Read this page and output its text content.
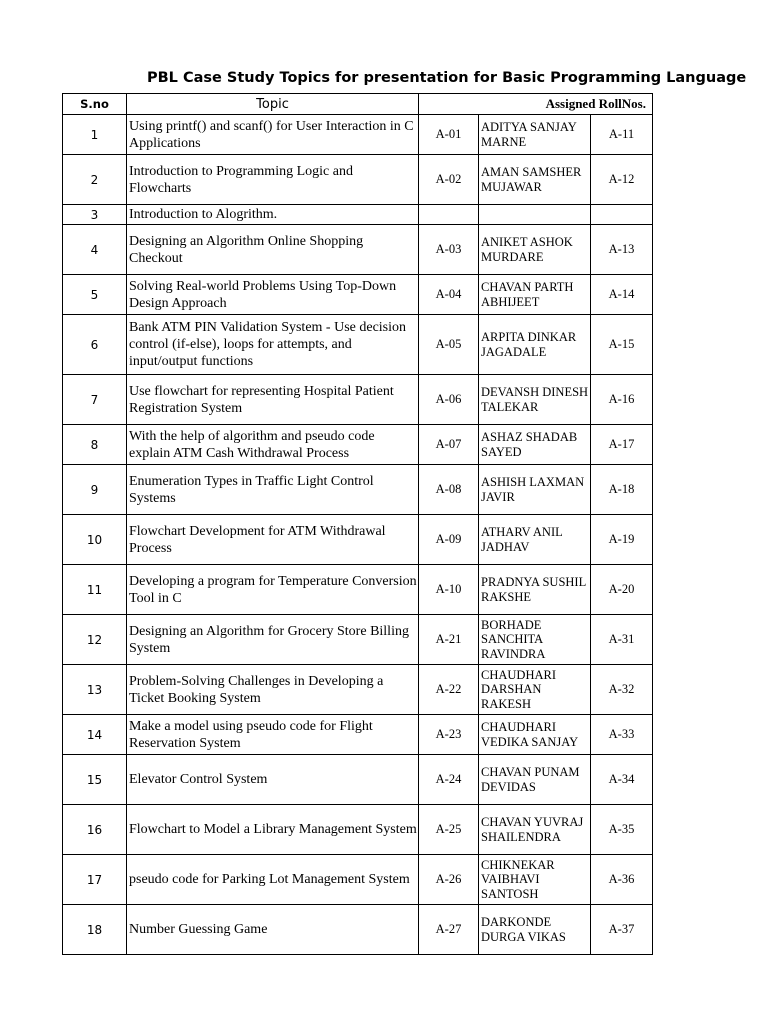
PBL Case Study Topics for presentation for Basic Programming Language
S.no	Topic	Assigned RollNos.		
1	Using printf() and scanf() for User Interaction in C Applications	A-01	ADITYA SANJAY MARNE	A-11
2	Introduction to Programming Logic and Flowcharts	A-02	AMAN SAMSHER MUJAWAR	A-12
3	Introduction to Alogrithm.			
4	Designing an Algorithm Online Shopping Checkout	A-03	ANIKET ASHOK MURDARE	A-13
5	Solving Real-world Problems Using Top-Down Design Approach	A-04	CHAVAN PARTH ABHIJEET	A-14
6	Bank ATM PIN Validation System - Use decision control (if-else), loops for attempts, and input/output functions	A-05	ARPITA DINKAR JAGADALE	A-15
7	Use flowchart for representing Hospital Patient Registration System	A-06	DEVANSH DINESH TALEKAR	A-16
8	With the help of algorithm and pseudo code explain ATM Cash Withdrawal Process	A-07	ASHAZ SHADAB SAYED	A-17
9	Enumeration Types in Traffic Light Control Systems	A-08	ASHISH LAXMAN JAVIR	A-18
10	Flowchart Development for ATM Withdrawal Process	A-09	ATHARV ANIL JADHAV	A-19
11	Developing a program for Temperature Conversion Tool in C	A-10	PRADNYA SUSHIL RAKSHE	A-20
12	Designing an Algorithm for Grocery Store Billing System	A-21	BORHADE SANCHITA RAVINDRA	A-31
13	Problem-Solving Challenges in Developing a Ticket Booking System	A-22	CHAUDHARI DARSHAN RAKESH	A-32
14	Make a model using pseudo code for Flight Reservation System	A-23	CHAUDHARI VEDIKA SANJAY	A-33
15	Elevator Control System	A-24	CHAVAN PUNAM DEVIDAS	A-34
16	Flowchart to Model a Library Management System	A-25	CHAVAN YUVRAJ SHAILENDRA	A-35
17	pseudo code for Parking Lot Management System	A-26	CHIKNEKAR VAIBHAVI SANTOSH	A-36
18	Number Guessing Game	A-27	DARKONDE DURGA VIKAS	A-37
